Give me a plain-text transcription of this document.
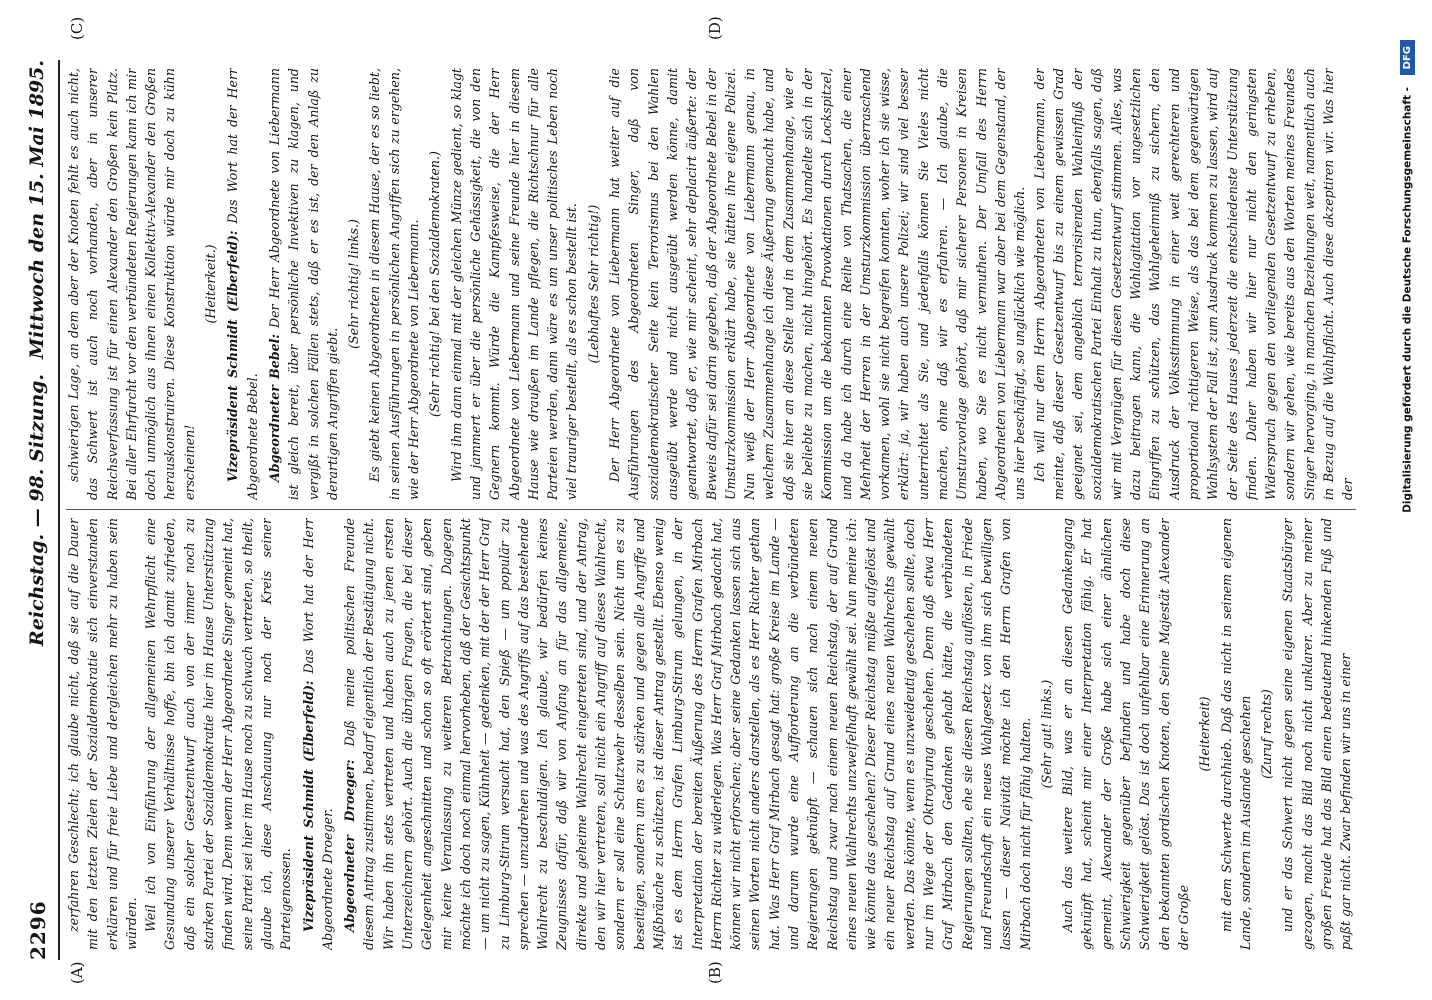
2296
Reichstag. — 98. Sitzung.
Mittwoch den 15. Mai 1895.
(A)	(B)
(C)	(D)

zerfahren Geschlecht; ich glaube nicht, daß sie auf die Dauer mit den letzten Zielen der Sozialdemokratie sich einverstanden erklären und für freie Liebe und dergleichen mehr zu haben sein würden. Weil ich von Einführung der allgemeinen Wehrpflicht eine Gesundung unserer Verhältnisse hoffe, bin ich damit zufrieden, daß ein solcher Gesetzentwurf auch von der immer noch zu starken Partei der Sozialdemokratie hier im Hause Unterstützung finden wird. Denn wenn der Herr Abgeordnete Singer gemeint hat, seine Partei sei hier im Hause noch zu schwach vertreten, so theilt, glaube ich, diese Anschauung nur noch der Kreis seiner Parteigenossen. Vizepräsident Schmidt (Elberfeld): Das Wort hat der Herr Abgeordnete Droeger. Abgeordneter Droeger: Daß meine politischen Freunde diesem Antrag zustimmen, bedarf eigentlich der Bestätigung nicht. Wir haben ihn stets vertreten und haben auch zu jenen ersten Unterzeichnern gehört. Auch die übrigen Fragen, die bei dieser Gelegenheit angeschnitten und schon so oft erörtert sind, geben mir keine Veranlassung zu weiteren Betrachtungen. Dagegen möchte ich doch noch einmal hervorheben, daß der Gesichtspunkt — um nicht zu sagen, Kühnheit — gedenken, mit der der Herr Graf zu Limburg-Stirum versucht hat, den Spieß — um populär zu sprechen — umzudrehen und was des Angriffs auf das bestehende Wahlrecht zu beschuldigen. Ich glaube, wir bedürfen keines Zeugnisses dafür, daß wir von Anfang an für das allgemeine, direkte und geheime Wahlrecht eingetreten sind, und der Antrag, den wir hier vertreten, soll nicht ein Angriff auf dieses Wahlrecht, sondern er soll eine Schutzwehr desselben sein. Nicht um es zu beseitigen, sondern um es zu stärken und gegen alle Angriffe und Mißbräuche zu schützen, ist dieser Antrag gestellt. Ebenso wenig ist es dem Herrn Grafen Limburg-Stirum gelungen, in der Interpretation der bereiten Äußerung des Herrn Grafen Mirbach Herrn Richter zu widerlegen. Was Herr Graf Mirbach gedacht hat, können wir nicht erforschen; aber seine Gedanken lassen sich aus seinen Worten nicht anders darstellen, als es Herr Richter gethan hat. Was Herr Graf Mirbach gesagt hat: große Kreise im Lande — und darum wurde eine Aufforderung an die verbündeten Regierungen geknüpft — schauen sich nach einem neuen Reichstag und zwar nach einem neuen Reichstag, der auf Grund eines neuen Wahlrechts unzweifelhaft gewählt sei. Nun meine ich: wie könnte das geschehen? Dieser Reichstag müßte aufgelöst und ein neuer Reichstag auf Grund eines neuen Wahlrechts gewählt werden. Das könnte, wenn es unzweideutig geschehen sollte, doch nur im Wege der Oktroyirung geschehen. Denn daß etwa Herr Graf Mirbach den Gedanken gehabt hätte, die verbündeten Regierungen sollten, ehe sie diesen Reichstag auflösten, in Friede und Freundschaft ein neues Wahlgesetz von ihm sich bewilligen lassen — dieser Naivität möchte ich den Herrn Grafen von Mirbach doch nicht für fähig halten. (Sehr gut! links.) Auch das weitere Bild, was er an diesen Gedankengang geknüpft hat, scheint mir einer Interpretation fähig. Er hat gemeint, Alexander der Große habe sich einer ähnlichen Schwierigkeit gegenüber befunden und habe doch diese Schwierigkeit gelöst. Das ist doch unfehlbar eine Erinnerung an den bekannten gordischen Knoten, den Seine Majestät Alexander der Große

(Heiterkeit) mit dem Schwerte durchhieb. Daß das nicht in seinem eigenen Lande, sondern im Auslande geschehen (Zuruf rechts) und er das Schwert nicht gegen seine eigenen Staatsbürger gezogen, macht das Bild noch nicht unklarer. Aber zu meiner großen Freude hat das Bild einen bedeutend hinkenden Fuß und paßt gar nicht. Zwar befinden wir uns in einer

schwierigen Lage, an dem aber der Knoten fehlt es auch nicht, das Schwert ist auch noch vorhanden, aber in unserer Reichsverfassung ist für einen Alexander den Großen kein Platz. Bei aller Ehrfurcht vor den verbündeten Regierungen kann ich mir doch unmöglich aus ihnen einen Kollektiv-Alexander den Großen herauskonstruiren. Diese Konstruktion würde mir doch zu kühn erscheinen!

(Heiterkeit.) Vizepräsident Schmidt (Elberfeld): Das Wort hat der Herr Abgeordnete Bebel. Abgeordneter Bebel: Der Herr Abgeordnete von Liebermann ist gleich bereit, über persönliche Invektiven zu klagen, und vergißt in solchen Fällen stets, daß er es ist, der den Anlaß zu derartigen Angriffen giebt.

(Sehr richtig! links.) Es giebt keinen Abgeordneten in diesem Hause, der es so liebt, in seinen Ausführungen in persönlichen Angriffen sich zu ergehen, wie der Herr Abgeordnete von Liebermann. (Sehr richtig! bei den Sozialdemokraten.) Wird ihm dann einmal mit der gleichen Münze gedient, so klagt und jammert er über die persönliche Gehässigkeit, die von den Gegnern kommt. Würde die Kampfesweise, die der Herr Abgeordnete von Liebermann und seine Freunde hier in diesem Hause wie draußen im Lande pflegen, die Richtschnur für alle Parteien werden, dann wäre es um unser politisches Leben noch viel trauriger bestellt, als es schon bestellt ist. (Lebhaftes Sehr richtig!) Der Herr Abgeordnete von Liebermann hat weiter auf die Ausführungen des Abgeordneten Singer, daß von sozialdemokratischer Seite kein Terrorismus bei den Wahlen ausgeübt werde und nicht ausgeübt werden könne, damit geantwortet, daß er, wie mir scheint, sehr deplacirt äußerte: der Beweis dafür sei darin gegeben, daß der Abgeordnete Bebel in der Umsturzkommission erklärt habe, sie hätten ihre eigene Polizei. Nun weiß der Herr Abgeordnete von Liebermann genau, in welchem Zusammenhange ich diese Äußerung gemacht habe, und daß sie hier an diese Stelle und in dem Zusammenhange, wie er sie beliebte zu machen, nicht hingehört. Es handelte sich in der Kommission um die bekannten Provokationen durch Lockspitzel, und da habe ich durch eine Reihe von Thatsachen, die einer Mehrheit der Herren in der Umsturzkommission überraschend vorkamen, wohl sie nicht begreifen konnten, woher ich sie wisse, erklärt: ja, wir haben auch unsere Polizei; wir sind viel besser unterrichtet als Sie, und jedenfalls können Sie Vieles nicht machen, ohne daß wir es erfahren. — Ich glaube, die Umsturzvorlage gehört, daß mir sicherer Personen in Kreisen haben, wo Sie es nicht vermuthen. Der Umfall des Herrn Abgeordneten von Liebermann war aber bei dem Gegenstand, der uns hier beschäftigt, so unglücklich wie möglich. Ich will nur dem Herrn Abgeordneten von Liebermann, der meinte, daß dieser Gesetzentwurf bis zu einem gewissen Grad geeignet sei, dem angeblich terrorisirenden Wahleinfluß der sozialdemokratischen Partei Einhalt zu thun, ebenfalls sagen, daß wir mit Vergnügen für diesen Gesetzentwurf stimmen. Alles, was dazu beitragen kann, die Wahlagitation vor ungesetzlichen Eingriffen zu schützen, das Wahlgeheimniß zu sichern, den Ausdruck der Volksstimmung in einer weit gerechteren und proportional richtigeren Weise, als das bei dem gegenwärtigen Wahlsystem der Fall ist, zum Ausdruck kommen zu lassen, wird auf der Seite des Hauses jederzeit die entschiedenste Unterstützung finden. Daher haben wir hier nur nicht den geringsten Widerspruch gegen den vorliegenden Gesetzentwurf zu erheben, sondern wir gehen, wie bereits aus den Worten meines Freundes Singer hervorging, in manchen Beziehungen weit, namentlich auch in Bezug auf die Wahlpflicht. Auch diese akzeptiren wir. Was hier der	Digitalisierung gefördert durch die Deutsche Forschungsgemeinschaft - DFG
